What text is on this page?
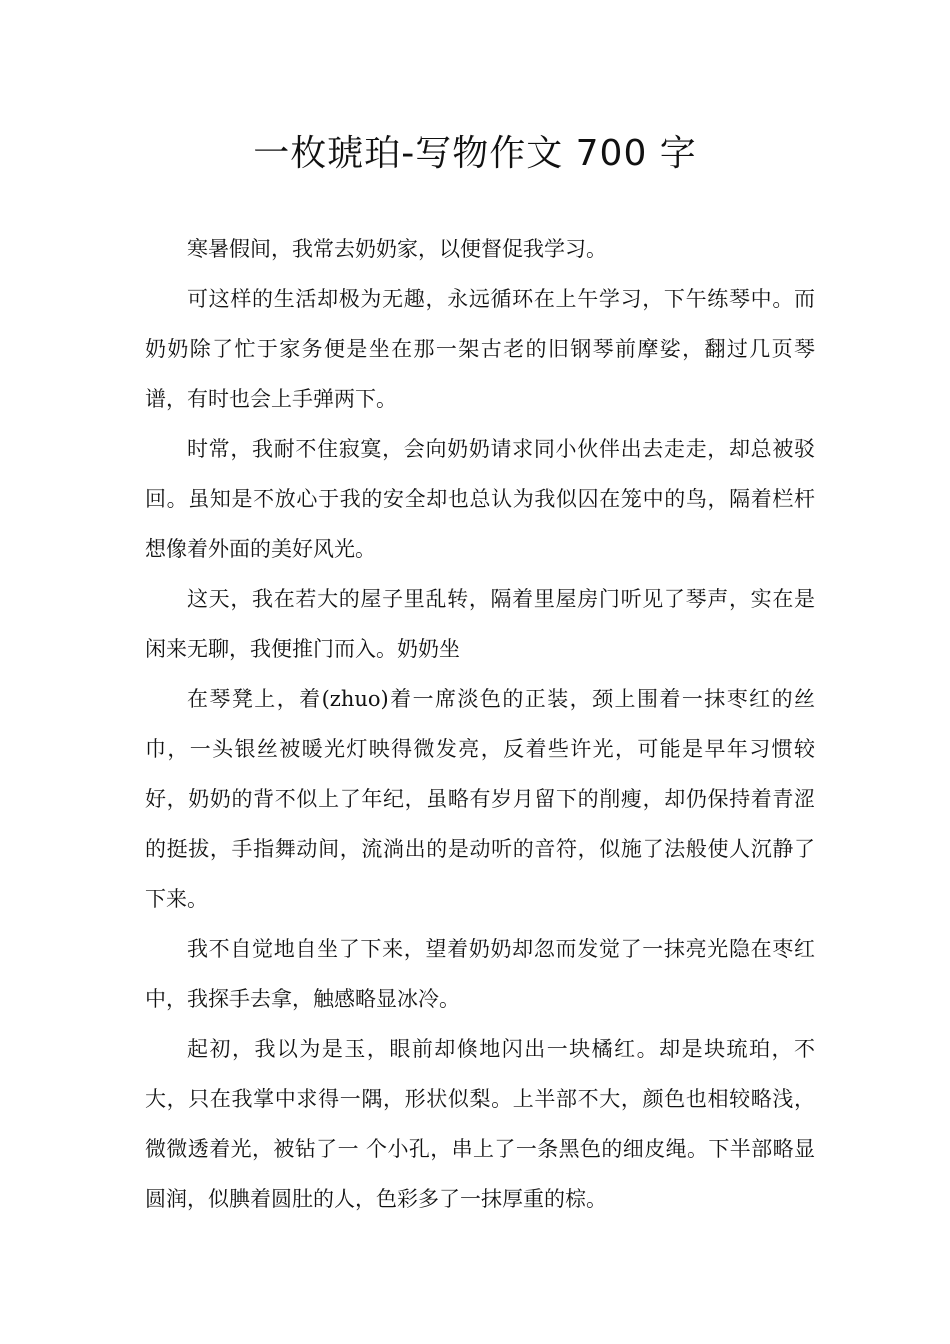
一枚琥珀-写物作文 700 字

寒暑假间，我常去奶奶家，以便督促我学习。

可这样的生活却极为无趣，永远循环在上午学习，下午练琴中。而奶奶除了忙于家务便是坐在那一架古老的旧钢琴前摩娑，翻过几页琴谱，有时也会上手弹两下。

时常，我耐不住寂寞，会向奶奶请求同小伙伴出去走走，却总被驳回。虽知是不放心于我的安全却也总认为我似囚在笼中的鸟，隔着栏杆想像着外面的美好风光。

这天，我在若大的屋子里乱转，隔着里屋房门听见了琴声，实在是闲来无聊，我便推门而入。奶奶坐

在琴凳上，着(zhuo)着一席淡色的正装，颈上围着一抹枣红的丝巾，一头银丝被暖光灯映得微发亮，反着些许光，可能是早年习惯较好，奶奶的背不似上了年纪，虽略有岁月留下的削瘦，却仍保持着青涩的挺拔，手指舞动间，流淌出的是动听的音符，似施了法般使人沉静了下来。

我不自觉地自坐了下来，望着奶奶却忽而发觉了一抹亮光隐在枣红中，我探手去拿，触感略显冰冷。

起初，我以为是玉，眼前却倏地闪出一块橘红。却是块琉珀，不大，只在我掌中求得一隅，形状似梨。上半部不大，颜色也相较略浅，微微透着光，被钻了一 个小孔，串上了一条黑色的细皮绳。下半部略显圆润，似腆着圆肚的人，色彩多了一抹厚重的棕。
